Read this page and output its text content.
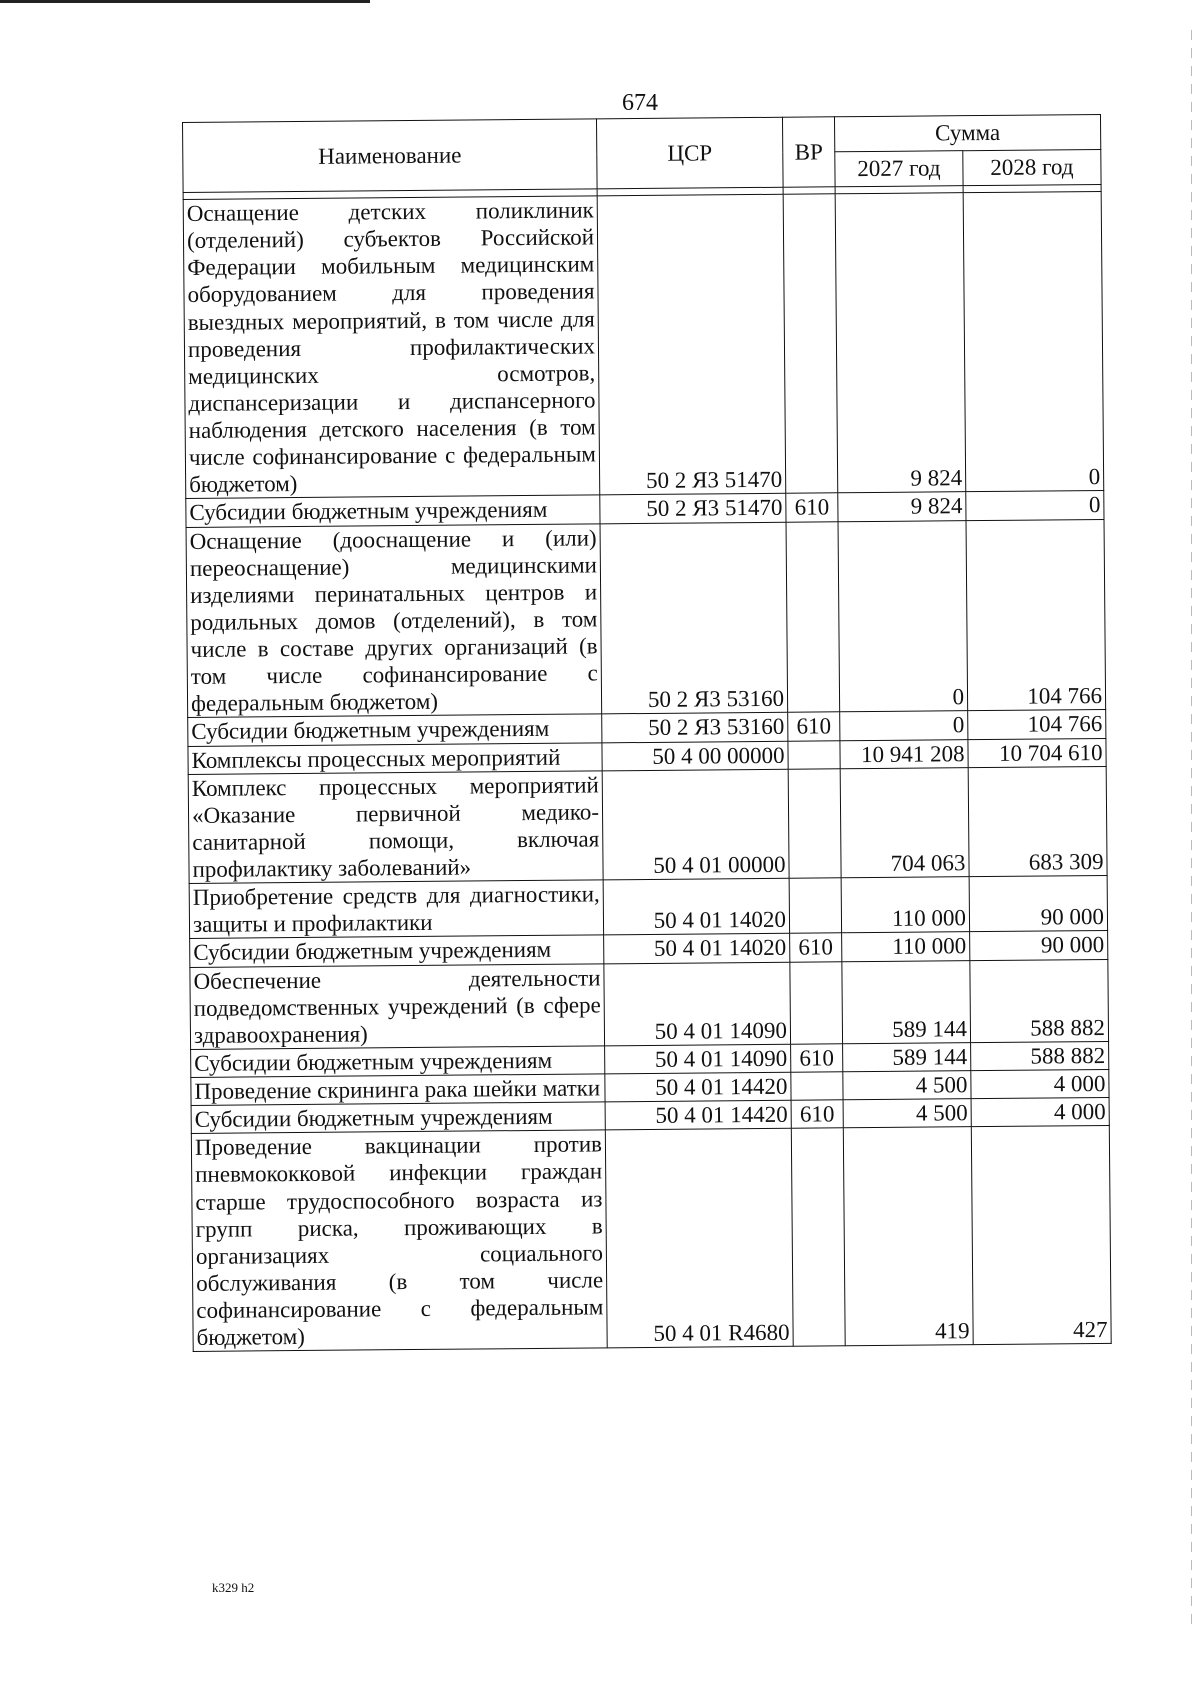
674
Наименование	ЦСР	ВР	Сумма	
			2027 год	2028 год

Оснащение детских поликлиник (отделений) субъектов Российской Федерации мобильным медицинским оборудованием для проведения выездных мероприятий, в том числе для проведения профилактических медицинских осмотров, диспансеризации и диспансерного наблюдения детского населения (в том числе софинансирование с федеральным бюджетом)	50 2 Я3 51470		9 824	0
Субсидии бюджетным учреждениям	50 2 Я3 51470	610	9 824	0
Оснащение (дооснащение и (или) переоснащение) медицинскими изделиями перинатальных центров и родильных домов (отделений), в том числе в составе других организаций (в том числе софинансирование с федеральным бюджетом)	50 2 Я3 53160		0	104 766
Субсидии бюджетным учреждениям	50 2 Я3 53160	610	0	104 766
Комплексы процессных мероприятий	50 4 00 00000		10 941 208	10 704 610
Комплекс процессных мероприятий «Оказание первичной медико-санитарной помощи, включая профилактику заболеваний»	50 4 01 00000		704 063	683 309
Приобретение средств для диагностики, защиты и профилактики	50 4 01 14020		110 000	90 000
Субсидии бюджетным учреждениям	50 4 01 14020	610	110 000	90 000
Обеспечение деятельности подведомственных учреждений (в сфере здравоохранения)	50 4 01 14090		589 144	588 882
Субсидии бюджетным учреждениям	50 4 01 14090	610	589 144	588 882
Проведение скрининга рака шейки матки	50 4 01 14420		4 500	4 000
Субсидии бюджетным учреждениям	50 4 01 14420	610	4 500	4 000
Проведение вакцинации против пневмококковой инфекции граждан старше трудоспособного возраста из групп риска, проживающих в организациях социального обслуживания (в том числе софинансирование с федеральным бюджетом)	50 4 01 R4680		419	427
k329 h2
